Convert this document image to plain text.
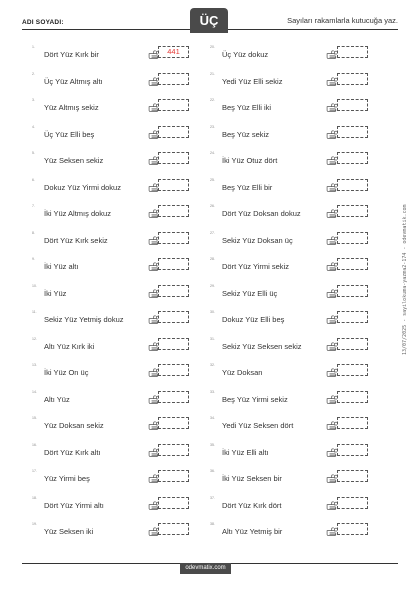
ADI SOYADI:	ÜÇ	Sayıları rakamlarla kutucuğa yaz.
1.
Dört Yüz Kırk bir	441
2.
Üç Yüz Altmış altı
3.
Yüz Altmış sekiz
4.
Üç Yüz Elli beş
5.
Yüz Seksen sekiz
6.
Dokuz Yüz Yirmi dokuz
7.
İki Yüz Altmış dokuz
8.
Dört Yüz Kırk sekiz
9.
İki Yüz altı
10.
İki Yüz
11.
Sekiz Yüz Yetmiş dokuz
12.
Altı Yüz Kırk iki
13.
İki Yüz On üç
14.
Altı Yüz
15.
Yüz Doksan sekiz
16.
Dört Yüz Kırk altı
17.
Yüz Yirmi beş
18.
Dört Yüz Yirmi altı
19.
Yüz Seksen iki
20.
Üç Yüz dokuz
21.
Yedi Yüz Elli sekiz
22.
Beş Yüz Elli iki
23.
Beş Yüz sekiz
24.
İki Yüz Otuz dört
25.
Beş Yüz Elli bir
26.
Dört Yüz Doksan dokuz
27.
Sekiz Yüz Doksan üç
28.
Dört Yüz Yirmi sekiz
29.
Sekiz Yüz Elli üç
30.
Dokuz Yüz Elli beş
31.
Sekiz Yüz Seksen sekiz
32.
Yüz Doksan
33.
Beş Yüz Yirmi sekiz
34.
Yedi Yüz Seksen dört
35.
İki Yüz Elli altı
36.
İki Yüz Seksen bir
37.
Dört Yüz Kırk dört
38.
Altı Yüz Yetmiş bir
13/07/2025 - sayilokuma-yazma2-174 - odevmatik.com
odevmatix.com
